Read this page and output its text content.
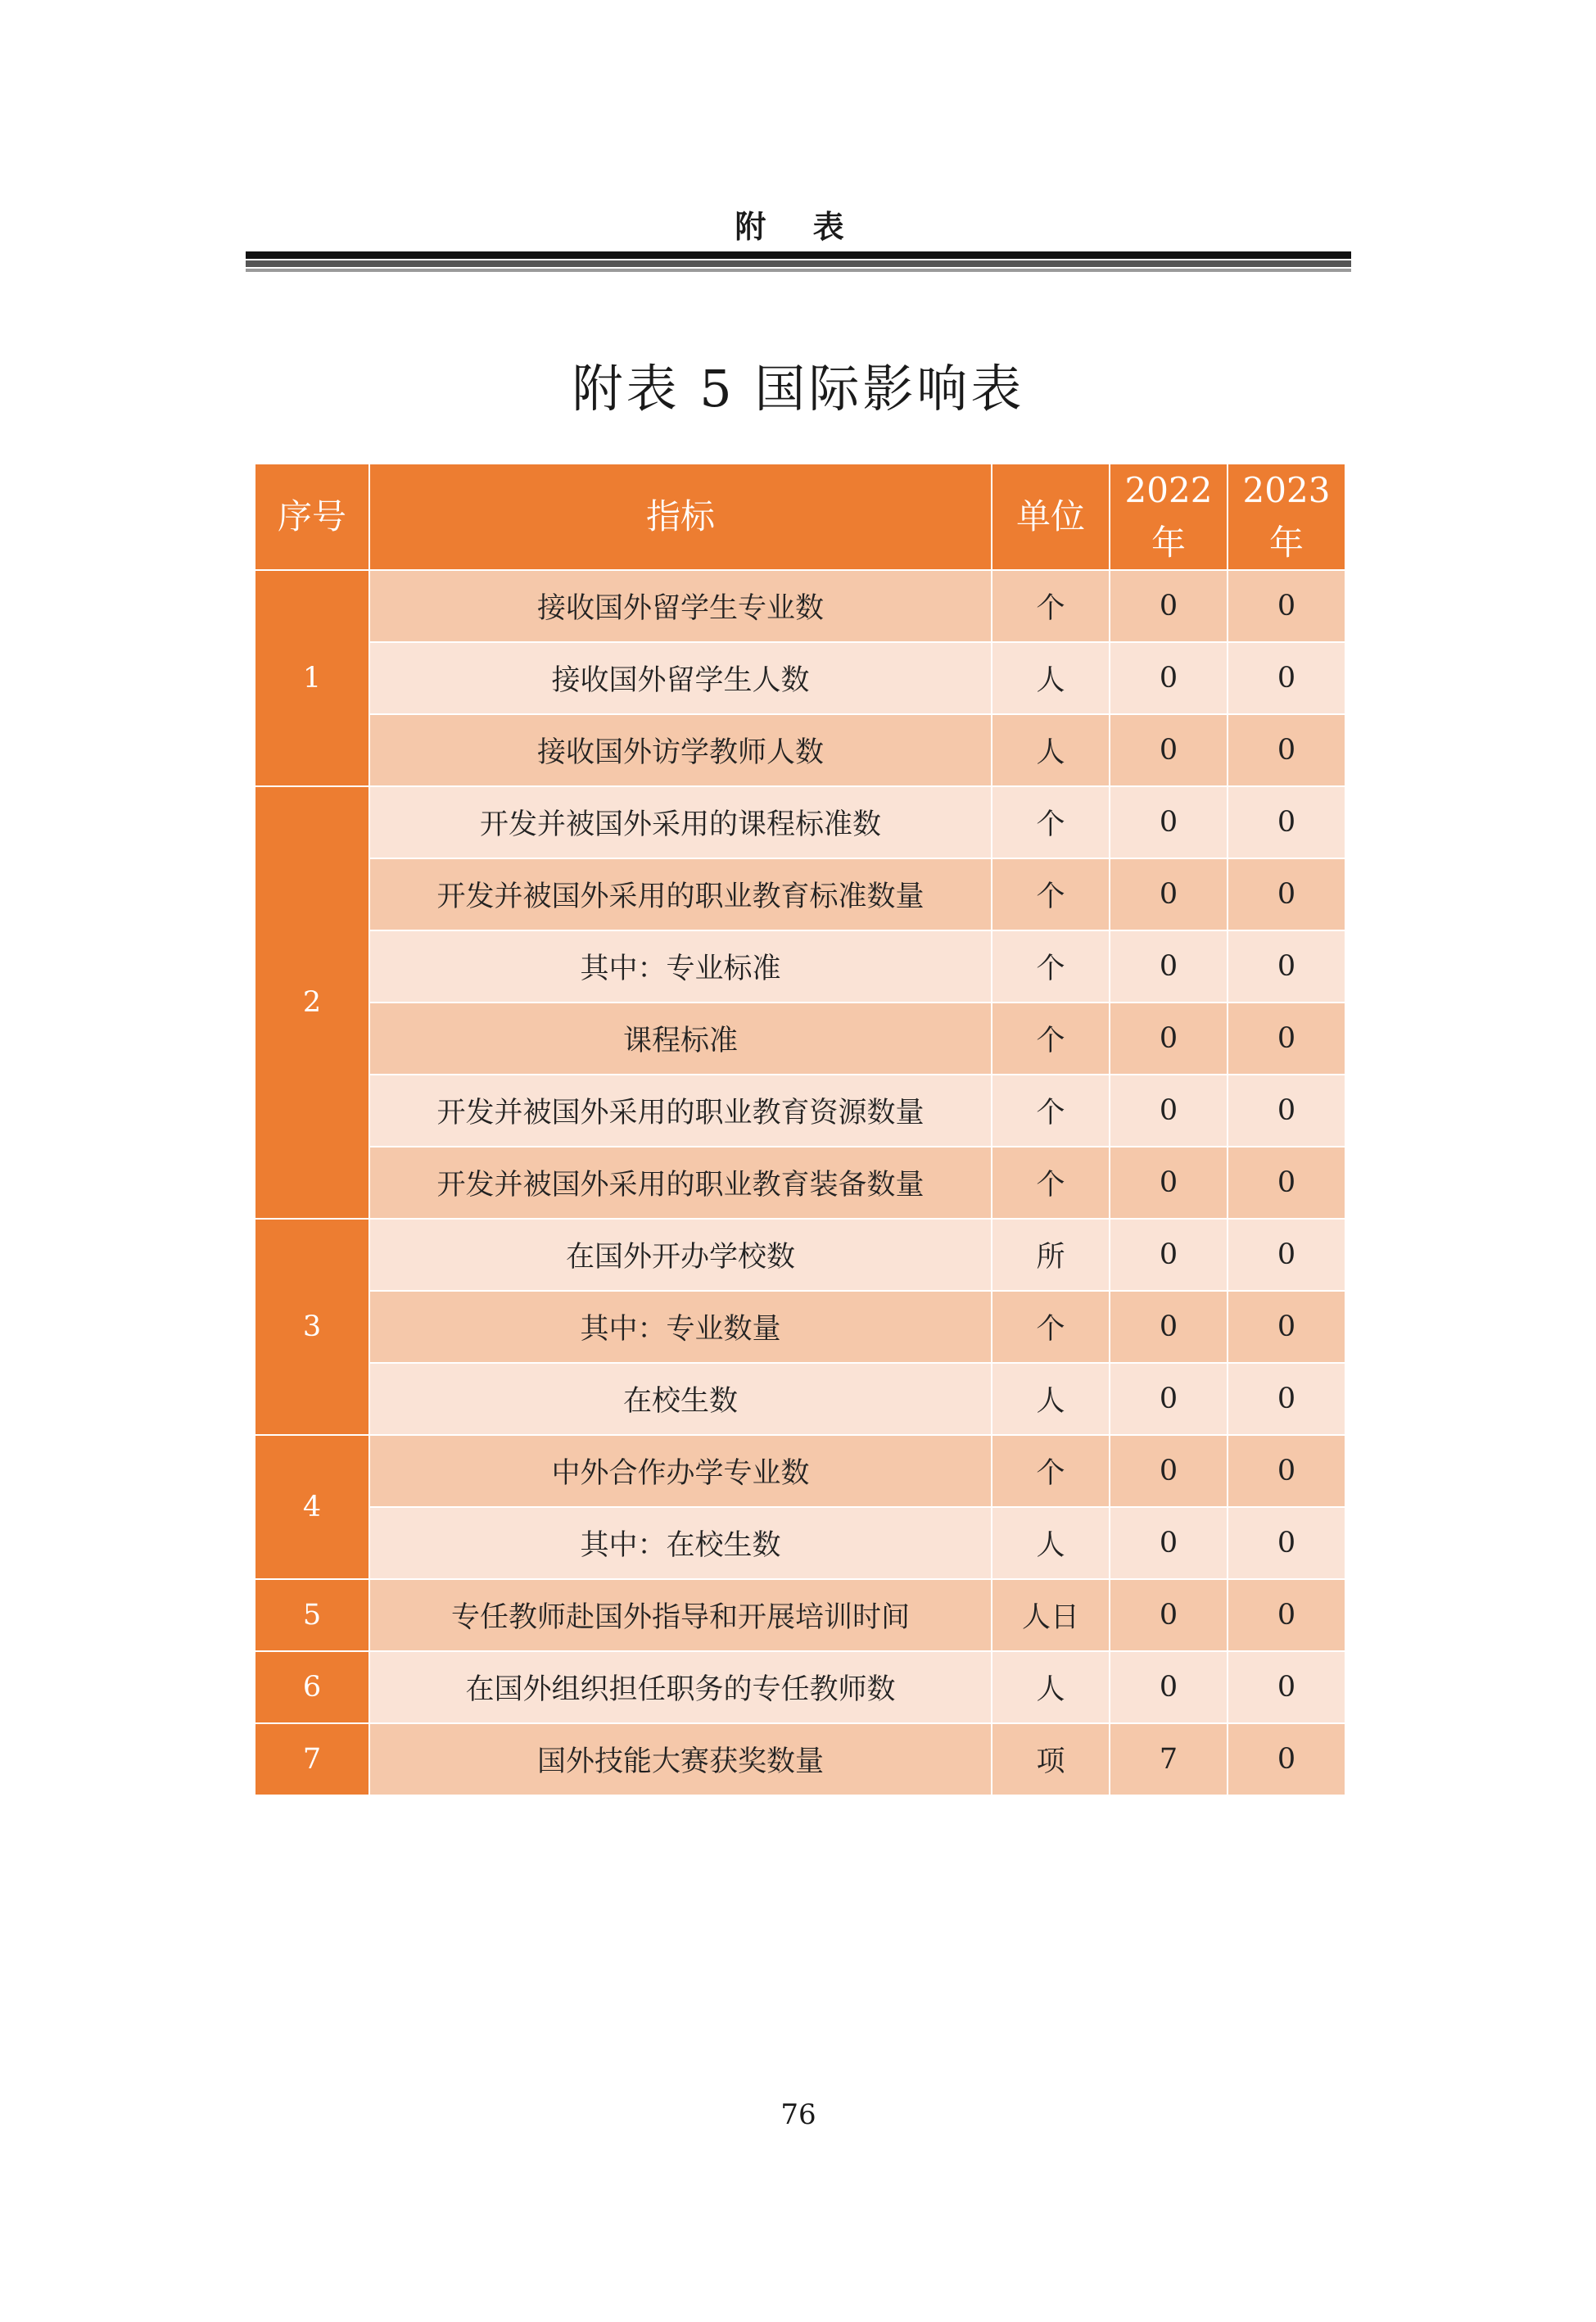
附 表
附表 5 国际影响表
序号	指标	单位	2022 年	2023 年
1	接收国外留学生专业数	个	0	0
	接收国外留学生人数	人	0	0
	接收国外访学教师人数	人	0	0
2	开发并被国外采用的课程标准数	个	0	0
	开发并被国外采用的职业教育标准数量	个	0	0
	其中：专业标准	个	0	0
	课程标准	个	0	0
	开发并被国外采用的职业教育资源数量	个	0	0
	开发并被国外采用的职业教育装备数量	个	0	0
3	在国外开办学校数	所	0	0
	其中：专业数量	个	0	0
	在校生数	人	0	0
4	中外合作办学专业数	个	0	0
	其中：在校生数	人	0	0
5	专任教师赴国外指导和开展培训时间	人日	0	0
6	在国外组织担任职务的专任教师数	人	0	0
7	国外技能大赛获奖数量	项	7	0
76
